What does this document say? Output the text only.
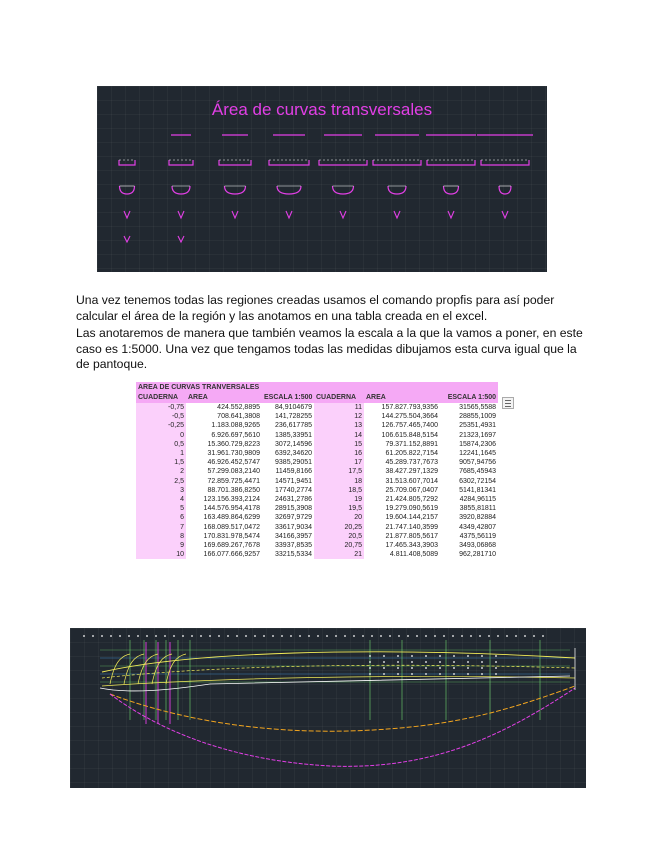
Área de curvas transversales

Una vez tenemos todas las regiones creadas usamos el comando propfis para así poder calcular el área de la región y las anotamos en una tabla creada en el excel.

Las anotaremos de manera que también veamos la escala a la que la vamos a poner, en este caso es 1:5000. Una vez que tengamos todas las medidas dibujamos esta curva igual que la de pantoque.

AREA DE CURVAS TRANVERSALES					
CUADERNA	AREA	ESCALA 1:500	CUADERNA	AREA	ESCALA 1:500
-0,75	424.552,8895	84,9104679	11	157.827.793,9356	31565,5588
-0,5	708.641,3808	141,728255	12	144.275.504,3664	28855,1009
-0,25	1.183.088,9265	236,617785	13	126.757.465,7400	25351,4931
0	6.926.697,5610	1385,33951	14	106.615.848,5154	21323,1697
0,5	15.360.729,8223	3072,14596	15	79.371.152,8891	15874,2306
1	31.961.730,9809	6392,34620	16	61.205.822,7154	12241,1645
1,5	46.926.452,5747	9385,29051	17	45.289.737,7673	9057,94756
2	57.299.083,2140	11459,8166	17,5	38.427.297,1329	7685,45943
2,5	72.859.725,4471	14571,9451	18	31.513.607,7014	6302,72154
3	88.701.386,8250	17740,2774	18,5	25.709.067,0407	5141,81341
4	123.156.393,2124	24631,2786	19	21.424.805,7292	4284,96115
5	144.576.954,4178	28915,3908	19,5	19.279.090,5619	3855,81811
6	163.489.864,6299	32697,9729	20	19.604.144,2157	3920,82884
7	168.089.517,0472	33617,9034	20,25	21.747.140,3599	4349,42807
8	170.831.978,5474	34166,3957	20,5	21.877.805,5617	4375,56119
9	169.689.267,7678	33937,8535	20,75	17.465.343,3903	3493,06868
10	166.077.666,9257	33215,5334	21	4.811.408,5089	962,281710
